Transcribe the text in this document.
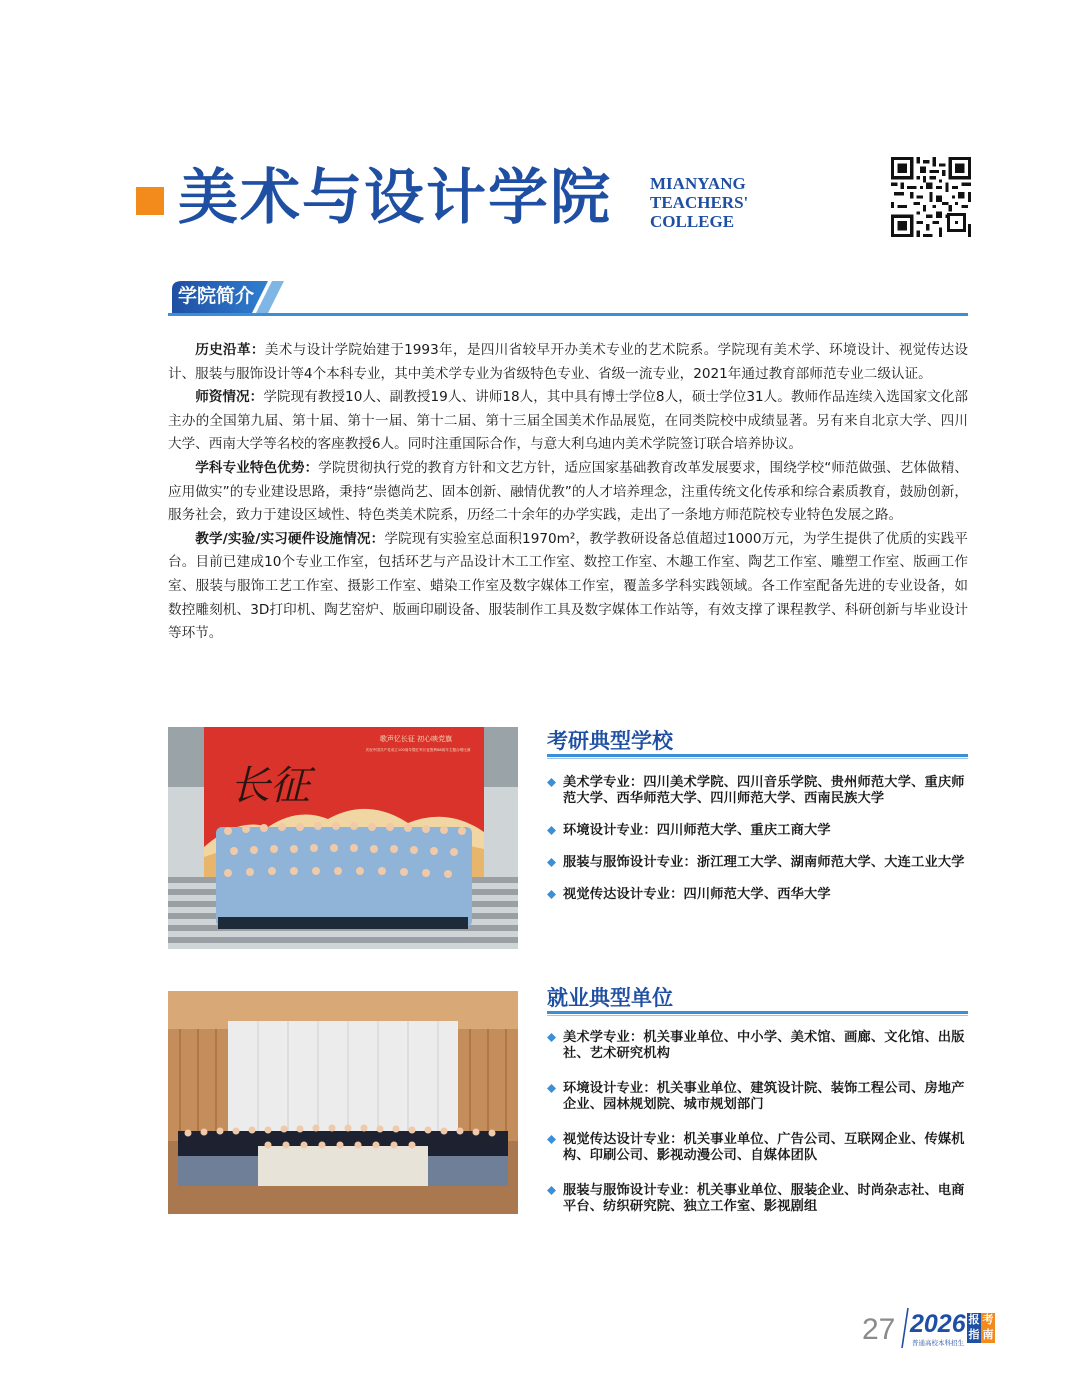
美术与设计学院 MIANYANG
TEACHERS'
COLLEGE
学院简介

历史沿革：美术与设计学院始建于1993年，是四川省较早开办美术专业的艺术院系。学院现有美术学、环境设计、视觉传达设计、服装与服饰设计等4个本科专业，其中美术学专业为省级特色专业、省级一流专业，2021年通过教育部师范专业二级认证。

师资情况：学院现有教授10人、副教授19人、讲师18人，其中具有博士学位8人，硕士学位31人。教师作品连续入选国家文化部主办的全国第九届、第十届、第十一届、第十二届、第十三届全国美术作品展览，在同类院校中成绩显著。另有来自北京大学、四川大学、西南大学等名校的客座教授6人。同时注重国际合作，与意大利乌迪内美术学院签订联合培养协议。

学科专业特色优势：学院贯彻执行党的教育方针和文艺方针，适应国家基础教育改革发展要求，围绕学校“师范做强、艺体做精、应用做实”的专业建设思路，秉持“崇德尚艺、固本创新、融情优教”的人才培养理念，注重传统文化传承和综合素质教育，鼓励创新，服务社会，致力于建设区域性、特色类美术院系，历经二十余年的办学实践，走出了一条地方师范院校专业特色发展之路。

教学/实验/实习硬件设施情况：学院现有实验室总面积1970m²，教学教研设备总值超过1000万元，为学生提供了优质的实践平台。目前已建成10个专业工作室，包括环艺与产品设计木工工作室、数控工作室、木趣工作室、陶艺工作室、雕塑工作室、版画工作室、服装与服饰工艺工作室、摄影工作室、蜡染工作室及数字媒体工作室，覆盖多学科实践领域。各工作室配备先进的专业设备，如数控雕刻机、3D打印机、陶艺窑炉、版画印刷设备、服装制作工具及数字媒体工作站等，有效支撑了课程教学、科研创新与毕业设计等环节。

长征
歌声忆长征 初心映党旗
庆祝中国共产党成立100周年暨红军长征胜利88周年主题合唱比赛	考研典型学校
美术学专业：四川美术学院、四川音乐学院、贵州师范大学、重庆师范大学、西华师范大学、四川师范大学、西南民族大学
环境设计专业：四川师范大学、重庆工商大学
服装与服饰设计专业：浙江理工大学、湖南师范大学、大连工业大学
视觉传达设计专业：四川师范大学、西华大学
就业典型单位
美术学专业：机关事业单位、中小学、美术馆、画廊、文化馆、出版社、艺术研究机构
环境设计专业：机关事业单位、建筑设计院、装饰工程公司、房地产企业、园林规划院、城市规划部门
视觉传达设计专业：机关事业单位、广告公司、互联网企业、传媒机构、印刷公司、影视动漫公司、自媒体团队
服装与服饰设计专业：机关事业单位、服装企业、时尚杂志社、电商平台、纺织研究院、独立工作室、影视剧组
27 2026 报 考
指 南
普通高校本科招生
